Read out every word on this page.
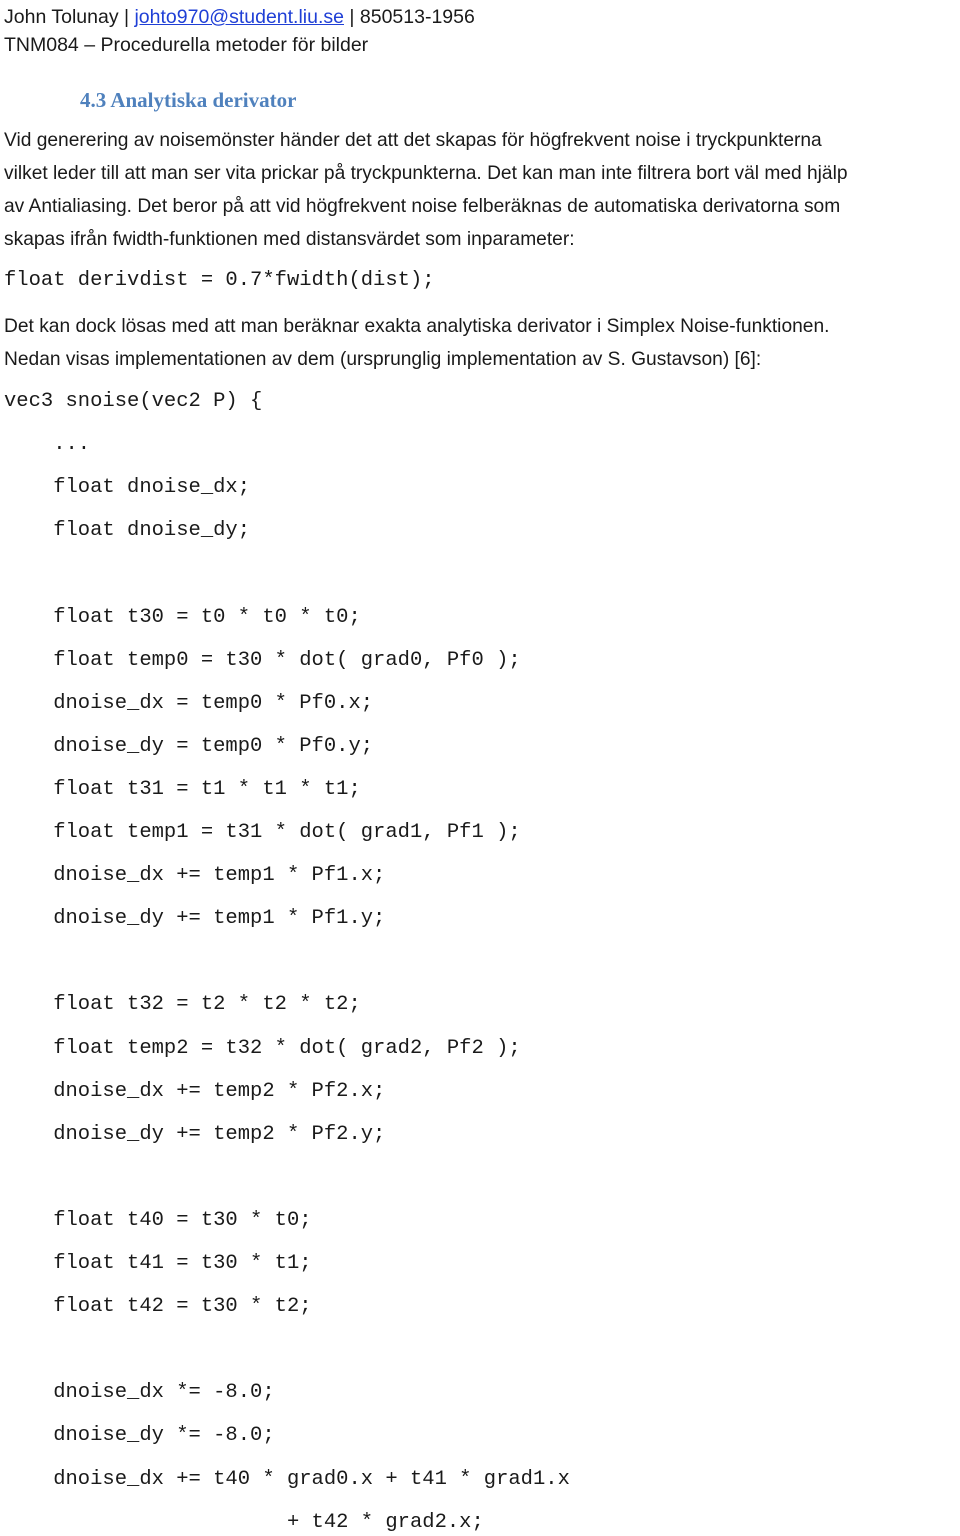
John Tolunay | johto970@student.liu.se | 850513-1956
TNM084 – Procedurella metoder för bilder
4.3 Analytiska derivator
Vid generering av noisemönster händer det att det skapas för högfrekvent noise i tryckpunkterna
vilket leder till att man ser vita prickar på tryckpunkterna. Det kan man inte filtrera bort väl med hjälp
av Antialiasing. Det beror på att vid högfrekvent noise felberäknas de automatiska derivatorna som
skapas ifrån fwidth-funktionen med distansvärdet som inparameter:
float derivdist = 0.7*fwidth(dist);
Det kan dock lösas med att man beräknar exakta analytiska derivator i Simplex Noise-funktionen.
Nedan visas implementationen av dem (ursprunglig implementation av S. Gustavson) [6]:
vec3 snoise(vec2 P) {
...
float dnoise_dx;
float dnoise_dy;
float t30 = t0 * t0 * t0;
float temp0 = t30 * dot( grad0, Pf0 );
dnoise_dx = temp0 * Pf0.x;
dnoise_dy = temp0 * Pf0.y;
float t31 = t1 * t1 * t1;
float temp1 = t31 * dot( grad1, Pf1 );
dnoise_dx += temp1 * Pf1.x;
dnoise_dy += temp1 * Pf1.y;
float t32 = t2 * t2 * t2;
float temp2 = t32 * dot( grad2, Pf2 );
dnoise_dx += temp2 * Pf2.x;
dnoise_dy += temp2 * Pf2.y;
float t40 = t30 * t0;
float t41 = t30 * t1;
float t42 = t30 * t2;
dnoise_dx *= -8.0;
dnoise_dy *= -8.0;
dnoise_dx += t40 * grad0.x + t41 * grad1.x
+ t42 * grad2.x;
